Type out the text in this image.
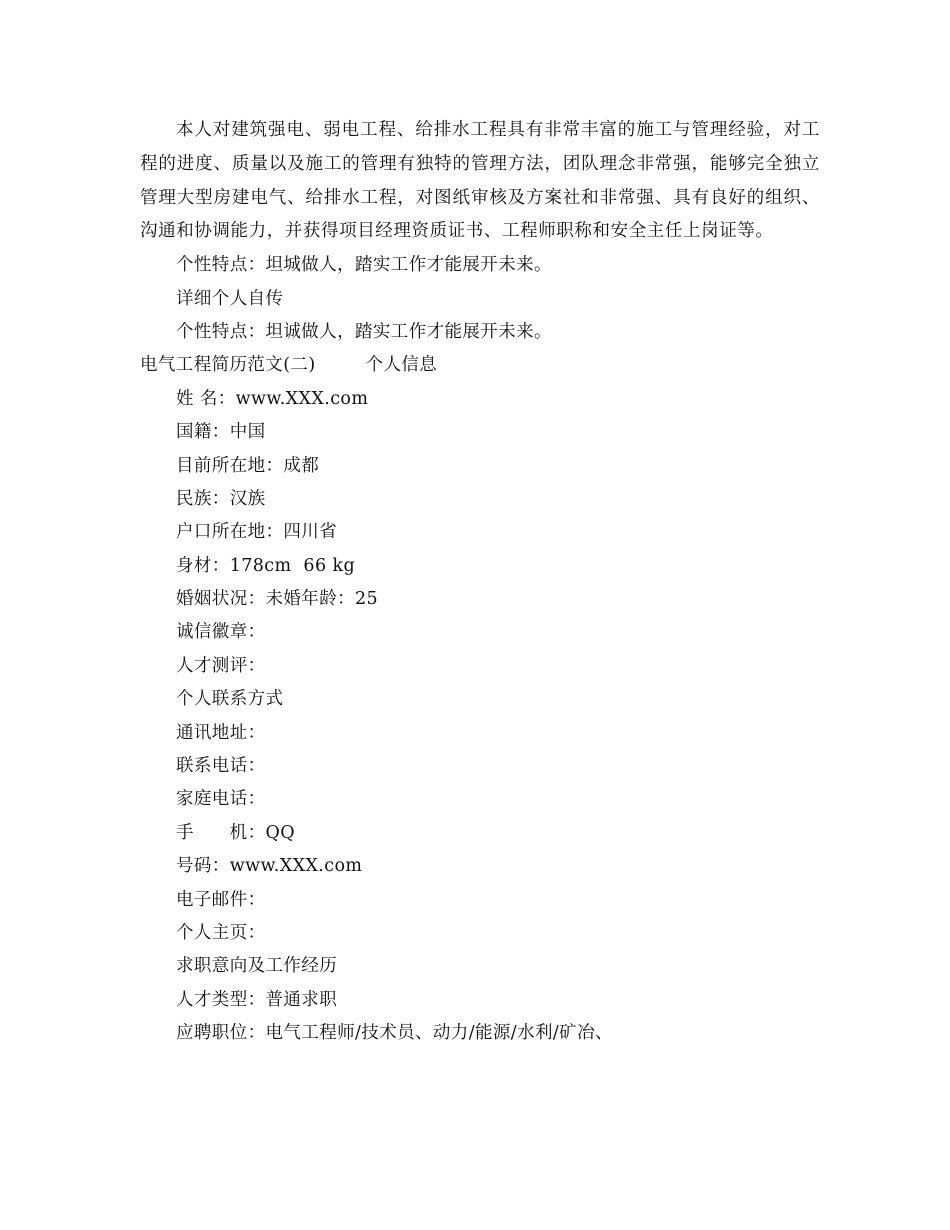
本人对建筑强电、弱电工程、给排水工程具有非常丰富的施工与管理经验，对工程的进度、质量以及施工的管理有独特的管理方法，团队理念非常强，能够完全独立管理大型房建电气、给排水工程，对图纸审核及方案社和非常强、具有良好的组织、沟通和协调能力，并获得项目经理资质证书、工程师职称和安全主任上岗证等。

个性特点：坦城做人，踏实工作才能展开未来。

详细个人自传

个性特点：坦诚做人，踏实工作才能展开未来。

电气工程简历范文(二)	个人信息

姓 名：www.XXX.com

国籍：中国

目前所在地：成都

民族：汉族

户口所在地：四川省

身材：178cm  66 kg

婚姻状况：未婚年龄：25

诚信徽章：

人才测评：

个人联系方式

通讯地址：

联系电话：

家庭电话：

手      机：QQ

号码：www.XXX.com

电子邮件：

个人主页：

求职意向及工作经历

人才类型：普通求职

应聘职位：电气工程师/技术员、动力/能源/水利/矿冶、
